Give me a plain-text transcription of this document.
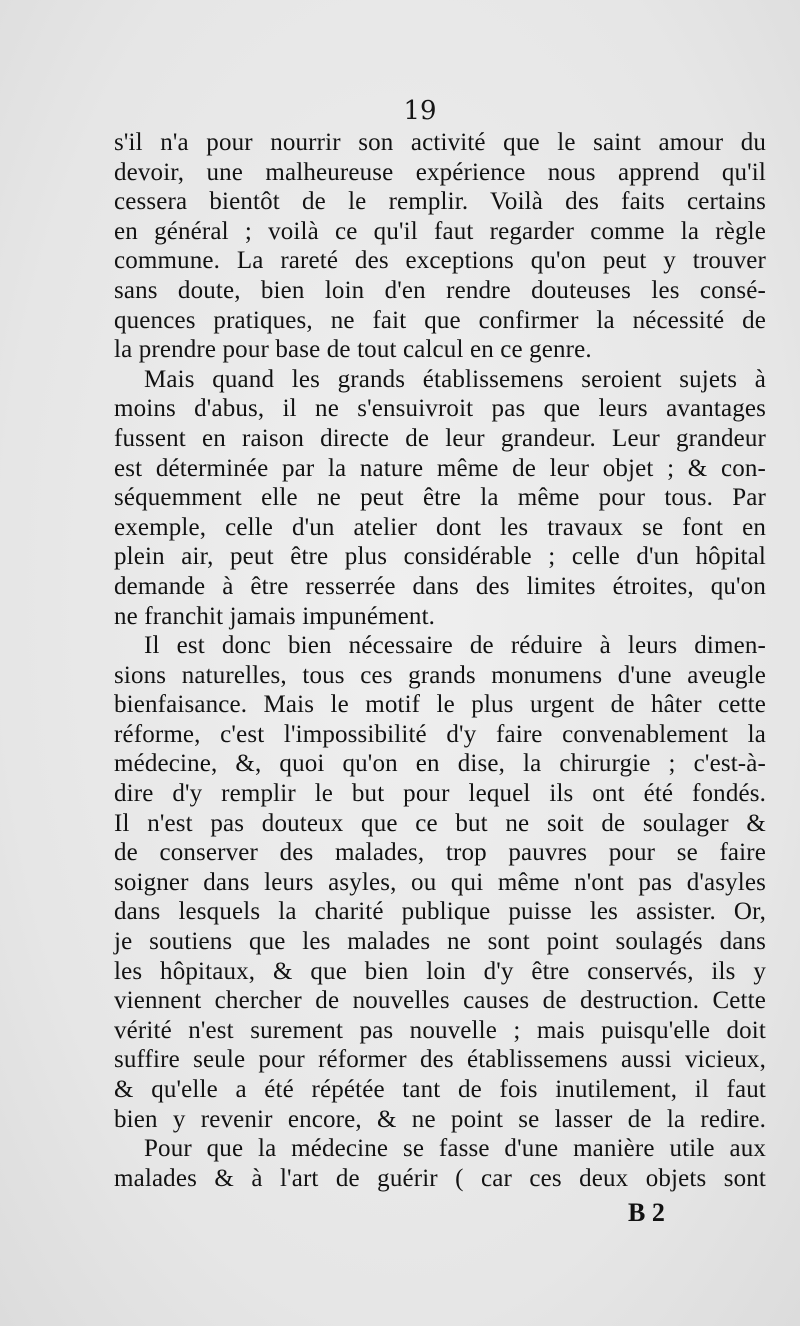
19
s'il n'a pour nourrir son activité que le saint amour du
devoir, une malheureuse expérience nous apprend qu'il
cessera bientôt de le remplir. Voilà des faits certains
en général ; voilà ce qu'il faut regarder comme la règle
commune. La rareté des exceptions qu'on peut y trouver
sans doute, bien loin d'en rendre douteuses les consé-
quences pratiques, ne fait que confirmer la nécessité de
la prendre pour base de tout calcul en ce genre.
Mais quand les grands établissemens seroient sujets à
moins d'abus, il ne s'ensuivroit pas que leurs avantages
fussent en raison directe de leur grandeur. Leur grandeur
est déterminée par la nature même de leur objet ; & con-
séquemment elle ne peut être la même pour tous. Par
exemple, celle d'un atelier dont les travaux se font en
plein air, peut être plus considérable ; celle d'un hôpital
demande à être resserrée dans des limites étroites, qu'on
ne franchit jamais impunément.
Il est donc bien nécessaire de réduire à leurs dimen-
sions naturelles, tous ces grands monumens d'une aveugle
bienfaisance. Mais le motif le plus urgent de hâter cette
réforme, c'est l'impossibilité d'y faire convenablement la
médecine, &, quoi qu'on en dise, la chirurgie ; c'est-à-
dire d'y remplir le but pour lequel ils ont été fondés.
Il n'est pas douteux que ce but ne soit de soulager &
de conserver des malades, trop pauvres pour se faire
soigner dans leurs asyles, ou qui même n'ont pas d'asyles
dans lesquels la charité publique puisse les assister. Or,
je soutiens que les malades ne sont point soulagés dans
les hôpitaux, & que bien loin d'y être conservés, ils y
viennent chercher de nouvelles causes de destruction. Cette
vérité n'est surement pas nouvelle ; mais puisqu'elle doit
suffire seule pour réformer des établissemens aussi vicieux,
& qu'elle a été répétée tant de fois inutilement, il faut
bien y revenir encore, & ne point se lasser de la redire.
Pour que la médecine se fasse d'une manière utile aux
malades & à l'art de guérir ( car ces deux objets sont
B 2
